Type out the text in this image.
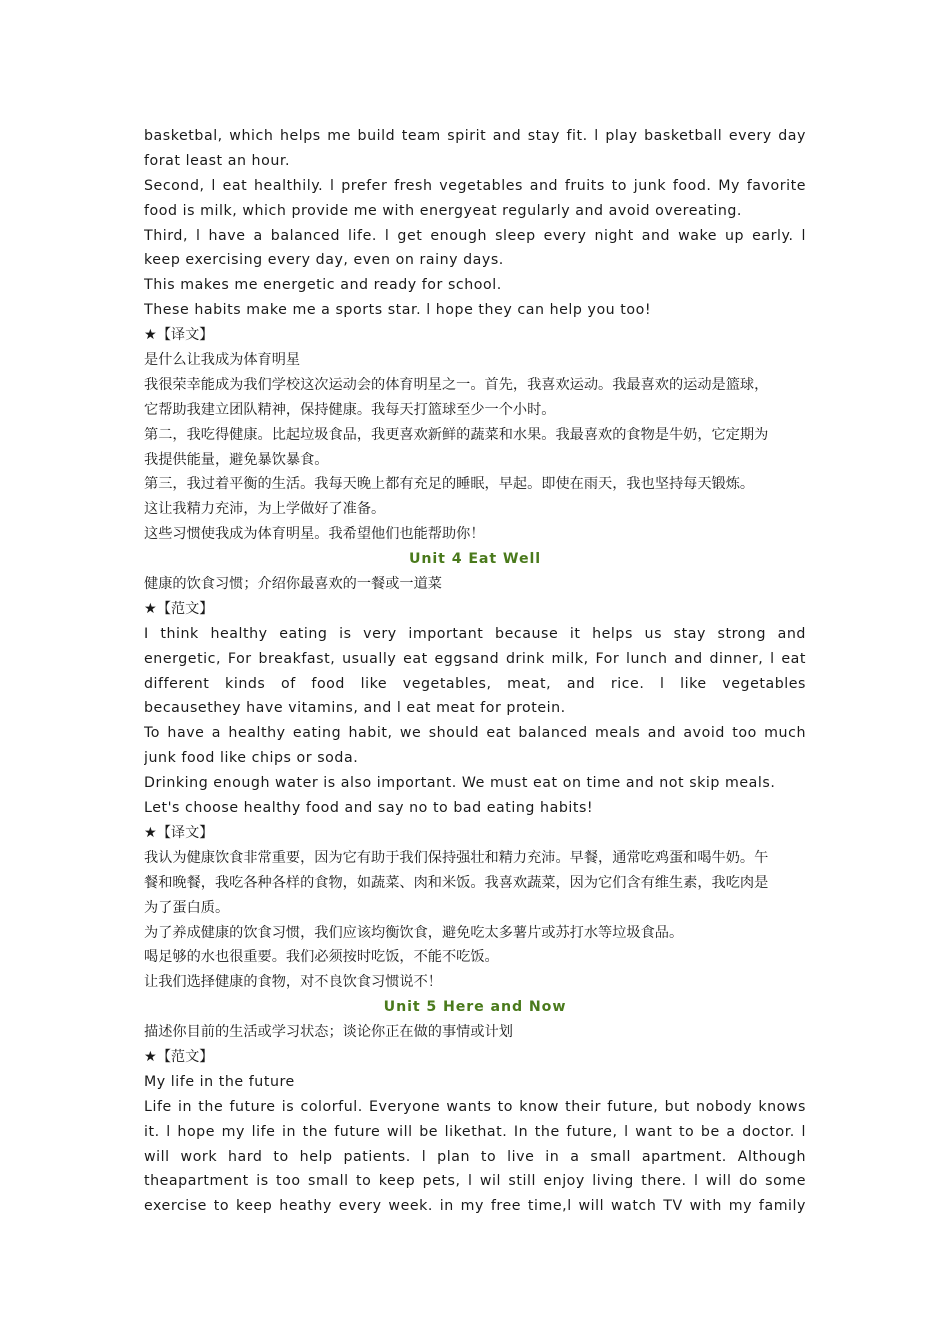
basketbal, which helps me build team spirit and stay fit. l play basketball every day
forat least an hour.
Second, l eat healthily. l prefer fresh vegetables and fruits to junk food. My favorite
food is milk, which provide me with energyeat regularly and avoid overeating.
Third, l have a balanced life. l get enough sleep every night and wake up early. l
keep exercising every day, even on rainy days.
This makes me energetic and ready for school.
These habits make me a sports star. l hope they can help you too!
★【译文】
是什么让我成为体育明星
我很荣幸能成为我们学校这次运动会的体育明星之一。首先，我喜欢运动。我最喜欢的运动是篮球，
它帮助我建立团队精神，保持健康。我每天打篮球至少一个小时。
第二，我吃得健康。比起垃圾食品，我更喜欢新鲜的蔬菜和水果。我最喜欢的食物是牛奶，它定期为
我提供能量，避免暴饮暴食。
第三，我过着平衡的生活。我每天晚上都有充足的睡眠，早起。即使在雨天，我也坚持每天锻炼。
这让我精力充沛，为上学做好了准备。
这些习惯使我成为体育明星。我希望他们也能帮助你！
Unit 4 Eat Well
健康的饮食习惯；介绍你最喜欢的一餐或一道菜
★【范文】
I think healthy eating is very important because it helps us stay strong and
energetic, For breakfast, usually eat eggsand drink milk, For lunch and dinner, l eat
different kinds of food like vegetables, meat, and rice. l like vegetables
becausethey have vitamins, and l eat meat for protein.
To have a healthy eating habit, we should eat balanced meals and avoid too much
junk food like chips or soda.
Drinking enough water is also important. We must eat on time and not skip meals.
Let's choose healthy food and say no to bad eating habits!
★【译文】
我认为健康饮食非常重要，因为它有助于我们保持强壮和精力充沛。早餐，通常吃鸡蛋和喝牛奶。午
餐和晚餐，我吃各种各样的食物，如蔬菜、肉和米饭。我喜欢蔬菜，因为它们含有维生素，我吃肉是
为了蛋白质。
为了养成健康的饮食习惯，我们应该均衡饮食，避免吃太多薯片或苏打水等垃圾食品。
喝足够的水也很重要。我们必须按时吃饭，不能不吃饭。
让我们选择健康的食物，对不良饮食习惯说不！
Unit 5 Here and Now
描述你目前的生活或学习状态；谈论你正在做的事情或计划
★【范文】
My life in the future
Life in the future is colorful. Everyone wants to know their future, but nobody knows
it. l hope my life in the future will be likethat. In the future, l want to be a doctor. l
will work hard to help patients. l plan to live in a small apartment. Although
theapartment is too small to keep pets, l wil still enjoy living there. l will do some
exercise to keep heathy every week. in my free time,l will watch TV with my family
